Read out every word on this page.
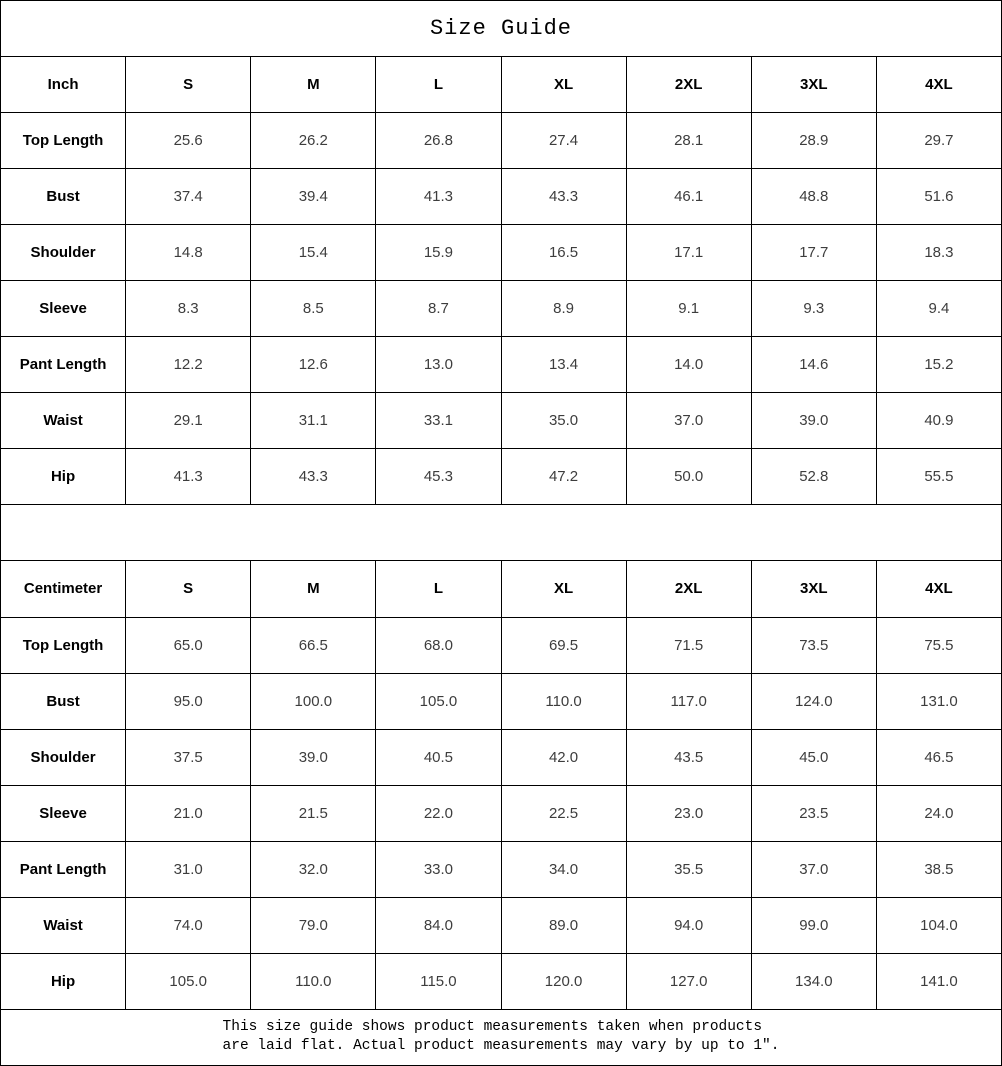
Size Guide							
Inch	S	M	L	XL	2XL	3XL	4XL
Top Length	25.6	26.2	26.8	27.4	28.1	28.9	29.7
Bust	37.4	39.4	41.3	43.3	46.1	48.8	51.6
Shoulder	14.8	15.4	15.9	16.5	17.1	17.7	18.3
Sleeve	8.3	8.5	8.7	8.9	9.1	9.3	9.4
Pant Length	12.2	12.6	13.0	13.4	14.0	14.6	15.2
Waist	29.1	31.1	33.1	35.0	37.0	39.0	40.9
Hip	41.3	43.3	45.3	47.2	50.0	52.8	55.5

Centimeter	S	M	L	XL	2XL	3XL	4XL
Top Length	65.0	66.5	68.0	69.5	71.5	73.5	75.5
Bust	95.0	100.0	105.0	110.0	117.0	124.0	131.0
Shoulder	37.5	39.0	40.5	42.0	43.5	45.0	46.5
Sleeve	21.0	21.5	22.0	22.5	23.0	23.5	24.0
Pant Length	31.0	32.0	33.0	34.0	35.5	37.0	38.5
Waist	74.0	79.0	84.0	89.0	94.0	99.0	104.0
Hip	105.0	110.0	115.0	120.0	127.0	134.0	141.0

This size guide shows product measurements taken when products
are laid flat. Actual product measurements may vary by up to 1″.							
